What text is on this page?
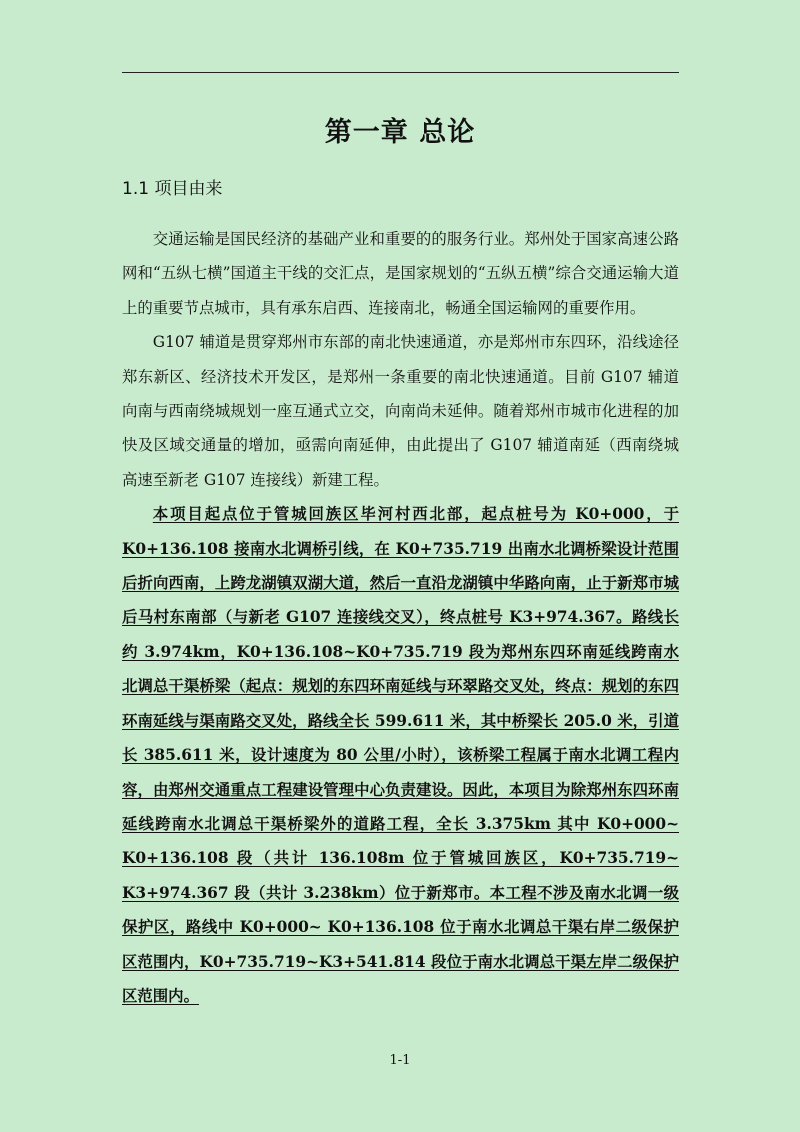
第一章 总论
1.1 项目由来

交通运输是国民经济的基础产业和重要的的服务行业。郑州处于国家高速公路网和“五纵七横”国道主干线的交汇点，是国家规划的“五纵五横”综合交通运输大道上的重要节点城市，具有承东启西、连接南北，畅通全国运输网的重要作用。

G107 辅道是贯穿郑州市东部的南北快速通道，亦是郑州市东四环，沿线途径郑东新区、经济技术开发区，是郑州一条重要的南北快速通道。目前 G107 辅道向南与西南绕城规划一座互通式立交，向南尚未延伸。随着郑州市城市化进程的加快及区域交通量的增加，亟需向南延伸，由此提出了 G107 辅道南延（西南绕城高速至新老 G107 连接线）新建工程。

本项目起点位于管城回族区毕河村西北部，起点桩号为 K0+000，于 K0+136.108 接南水北调桥引线，在 K0+735.719 出南水北调桥梁设计范围后折向西南，上跨龙湖镇双湖大道，然后一直沿龙湖镇中华路向南，止于新郑市城后马村东南部（与新老 G107 连接线交叉），终点桩号 K3+974.367。路线长约 3.974km，K0+136.108~K0+735.719 段为郑州东四环南延线跨南水北调总干渠桥梁（起点：规划的东四环南延线与环翠路交叉处，终点：规划的东四环南延线与渠南路交叉处，路线全长 599.611 米，其中桥梁长 205.0 米，引道长 385.611 米，设计速度为 80 公里/小时），该桥梁工程属于南水北调工程内容，由郑州交通重点工程建设管理中心负责建设。因此，本项目为除郑州东四环南延线跨南水北调总干渠桥梁外的道路工程，全长 3.375km 其中 K0+000~ K0+136.108 段（共计 136.108m 位于管城回族区，K0+735.719~ K3+974.367 段（共计 3.238km）位于新郑市。本工程不涉及南水北调一级保护区，路线中 K0+000~ K0+136.108 位于南水北调总干渠右岸二级保护区范围内，K0+735.719~K3+541.814 段位于南水北调总干渠左岸二级保护区范围内。

1-1
